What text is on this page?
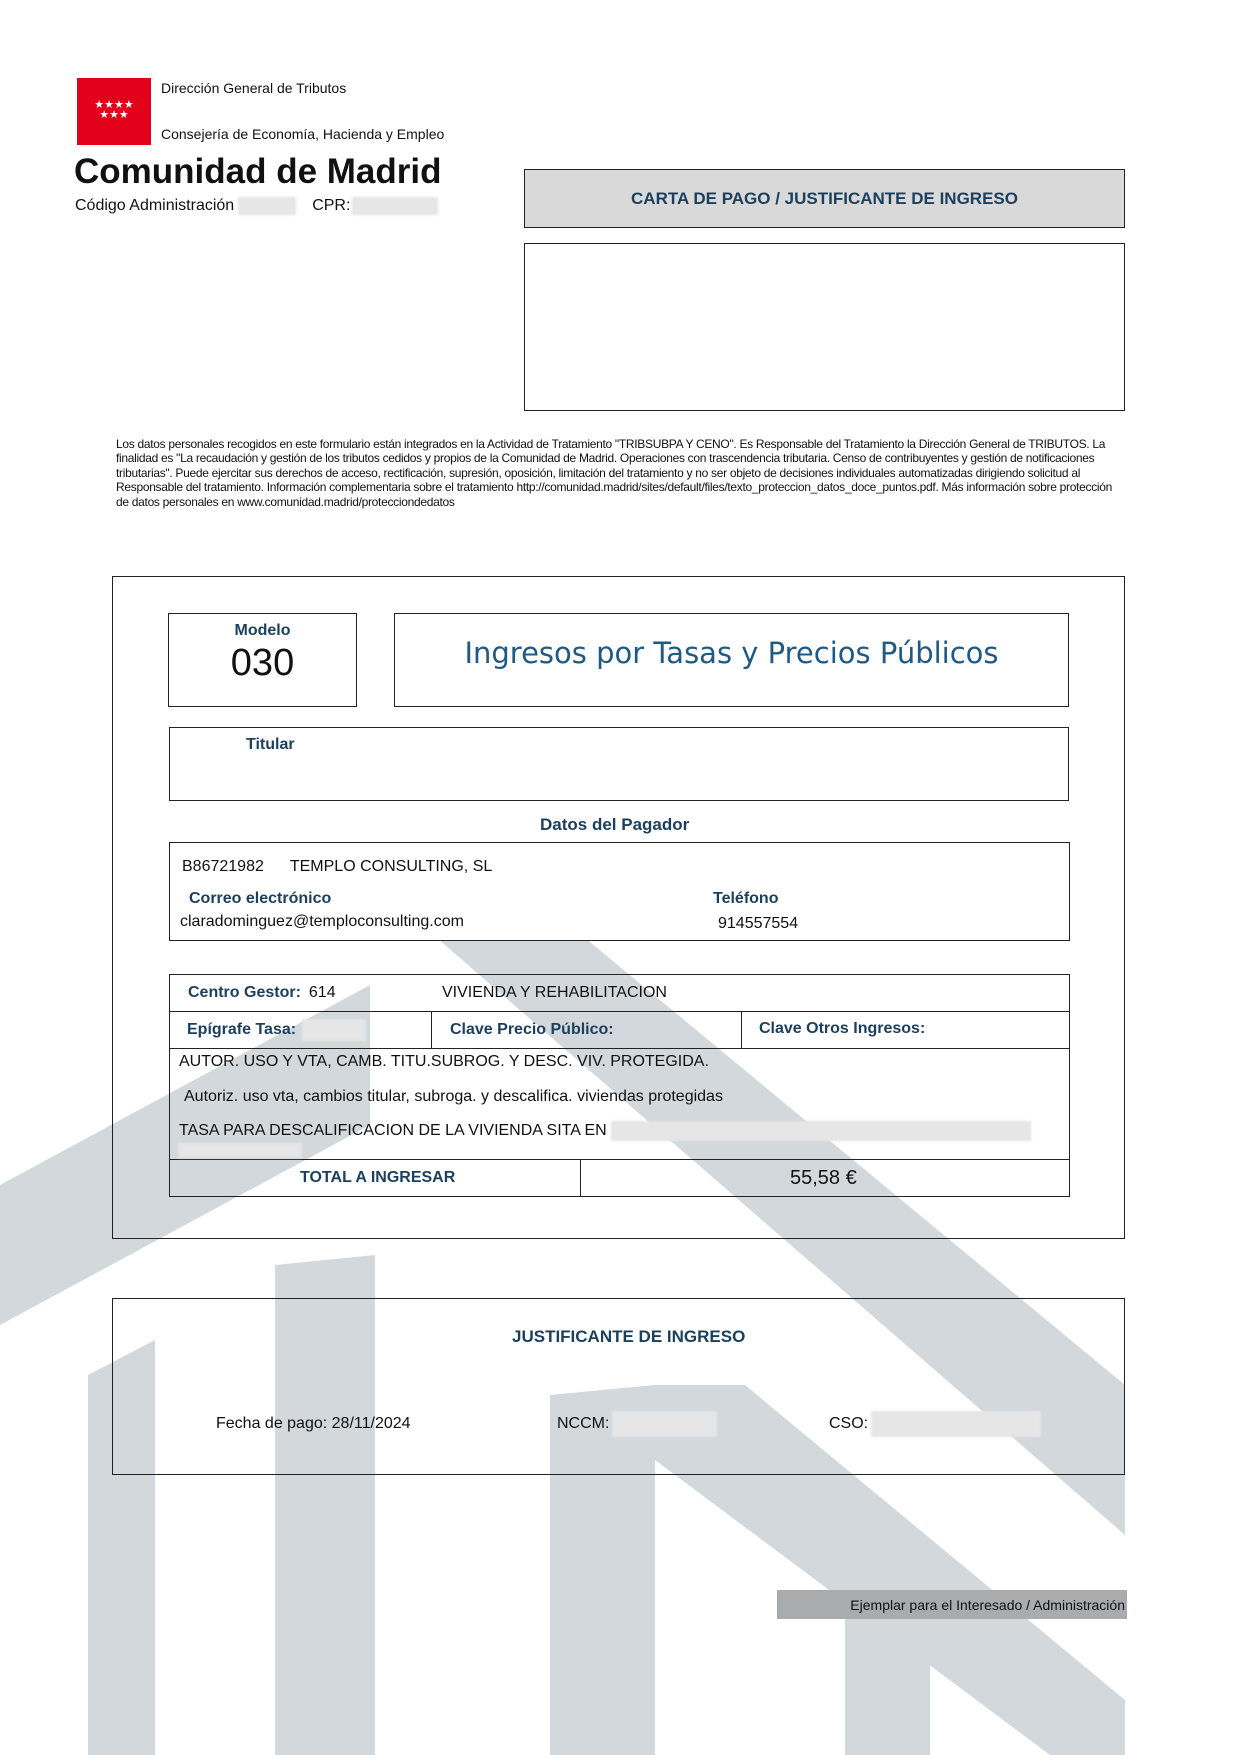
★★★★
★★★
Dirección General de Tributos
Consejería de Economía, Hacienda y Empleo
Comunidad de Madrid
Código Administración	CPR:	CARTA DE PAGO / JUSTIFICANTE DE INGRESO
Los datos personales recogidos en este formulario están integrados en la Actividad de Tratamiento "TRIBSUBPA Y CENO". Es Responsable del Tratamiento la Dirección General de TRIBUTOS. La finalidad es "La recaudación y gestión de los tributos cedidos y propios de la Comunidad de Madrid. Operaciones con trascendencia tributaria. Censo de contribuyentes y gestión de notificaciones tributarias". Puede ejercitar sus derechos de acceso, rectificación, supresión, oposición, limitación del tratamiento y no ser objeto de decisiones individuales automatizadas dirigiendo solicitud al Responsable del tratamiento. Información complementaria sobre el tratamiento http://comunidad.madrid/sites/default/files/texto_proteccion_datos_doce_puntos.pdf. Más información sobre protección de datos personales en www.comunidad.madrid/protecciondedatos
Modelo
030	Ingresos por Tasas y Precios Públicos
Titular
Datos del Pagador
B86721982 TEMPLO CONSULTING, SL
Correo electrónico
claradominguez@temploconsulting.com
Teléfono
914557554
Centro Gestor: 614	VIVIENDA Y REHABILITACION
Epígrafe Tasa:	Clave Precio Público:	Clave Otros Ingresos:
AUTOR. USO Y VTA, CAMB. TITU.SUBROG. Y DESC. VIV. PROTEGIDA.
Autoriz. uso vta, cambios titular, subroga. y descalifica. viviendas protegidas
TASA PARA DESCALIFICACION DE LA VIVIENDA SITA EN
TOTAL A INGRESAR	55,58 €
JUSTIFICANTE DE INGRESO
Fecha de pago: 28/11/2024	NCCM:	CSO:
Ejemplar para el Interesado / Administración
